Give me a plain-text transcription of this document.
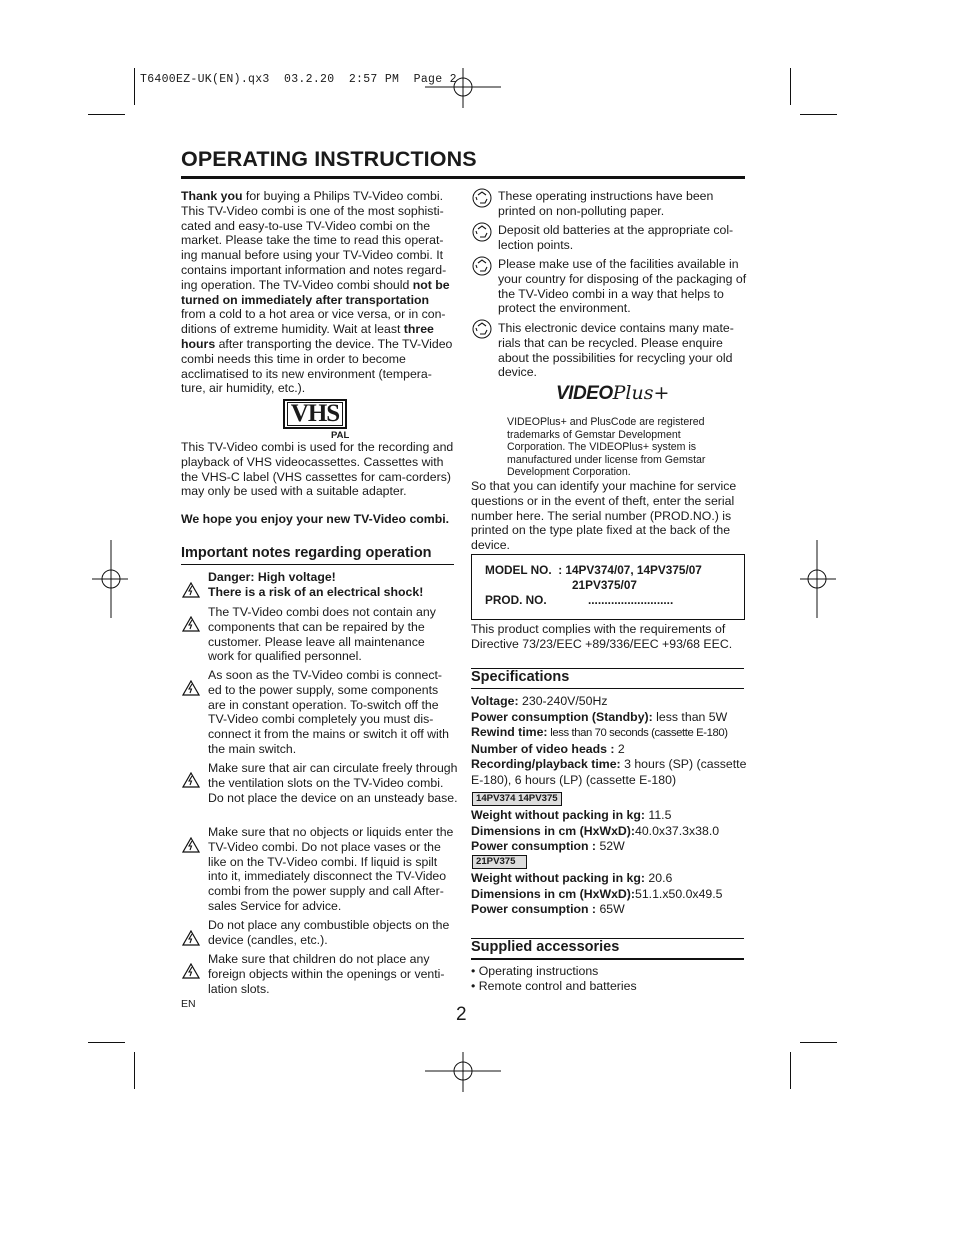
T6400EZ-UK(EN).qx3  03.2.20  2:57 PM  Page 2
OPERATING INSTRUCTIONS
Thank you for buying a Philips TV-Video combi. This TV-Video combi is one of the most sophisti-cated and easy-to-use TV-Video combi on the market. Please take the time to read this operat-ing manual before using your TV-Video combi. It contains important information and notes regard-ing operation. The TV-Video combi should not be turned on immediately after transportation from a cold to a hot area or vice versa, or in con-ditions of extreme humidity. Wait at least three hours after transporting the device. The TV-Video combi needs this time in order to become acclimatised to its new environment (tempera-ture, air humidity, etc.).
VHS
PAL
This TV-Video combi is used for the recording and playback of VHS videocassettes. Cassettes with the VHS-C label (VHS cassettes for cam-corders) may only be used with a suitable adapter.
We hope you enjoy your new TV-Video combi.
Important notes regarding operation
Danger: High voltage!
There is a risk of an electrical shock!
The TV-Video combi does not contain any components that can be repaired by the customer. Please leave all maintenance work for qualified personnel.
As soon as the TV-Video combi is connect-ed to the power supply, some components are in constant operation. To-switch off the TV-Video combi completely you must dis-connect it from the mains or switch it off with the main switch.
Make sure that air can circulate freely through the ventilation slots on the TV-Video combi. Do not place the device on an unsteady base.
Make sure that no objects or liquids enter the TV-Video combi. Do not place vases or the like on the TV-Video combi. If liquid is spilt into it, immediately disconnect the TV-Video combi from the power supply and call After-sales Service for advice.
Do not place any combustible objects on the device (candles, etc.).
Make sure that children do not place any foreign objects within the openings or venti-lation slots.
EN
These operating instructions have been printed on non-polluting paper.
Deposit old batteries at the appropriate col-lection points.
Please make use of the facilities available in your country for disposing of the packaging of the TV-Video combi in a way that helps to protect the environment.
This electronic device contains many mate-rials that can be recycled. Please enquire about the possibilities for recycling your old device.
VIDEOPlus+
VIDEOPlus+ and PlusCode are registered trademarks of Gemstar Development Corporation. The VIDEOPlus+ system is manufactured under license from Gemstar Development Corporation.
So that you can identify your machine for service questions or in the event of theft, enter the serial number here. The serial number (PROD.NO.) is printed on the type plate fixed at the back of the device.
MODEL NO. : 14PV374/07, 14PV375/07
21PV375/07
PROD. NO.	..........................
This product complies with the requirements of Directive 73/23/EEC +89/336/EEC +93/68 EEC.
Specifications
Voltage: 230-240V/50Hz
Power consumption (Standby): less than 5W
Rewind time: less than 70 seconds (cassette E-180)
Number of video heads : 2
Recording/playback time: 3 hours (SP) (cassette E-180), 6 hours (LP) (cassette E-180)
14PV374 14PV375
Weight without packing in kg: 11.5
Dimensions in cm (HxWxD):40.0x37.3x38.0
Power consumption : 52W
21PV375
Weight without packing in kg: 20.6
Dimensions in cm (HxWxD):51.1.x50.0x49.5
Power consumption : 65W
Supplied accessories
• Operating instructions
• Remote control and batteries
2
